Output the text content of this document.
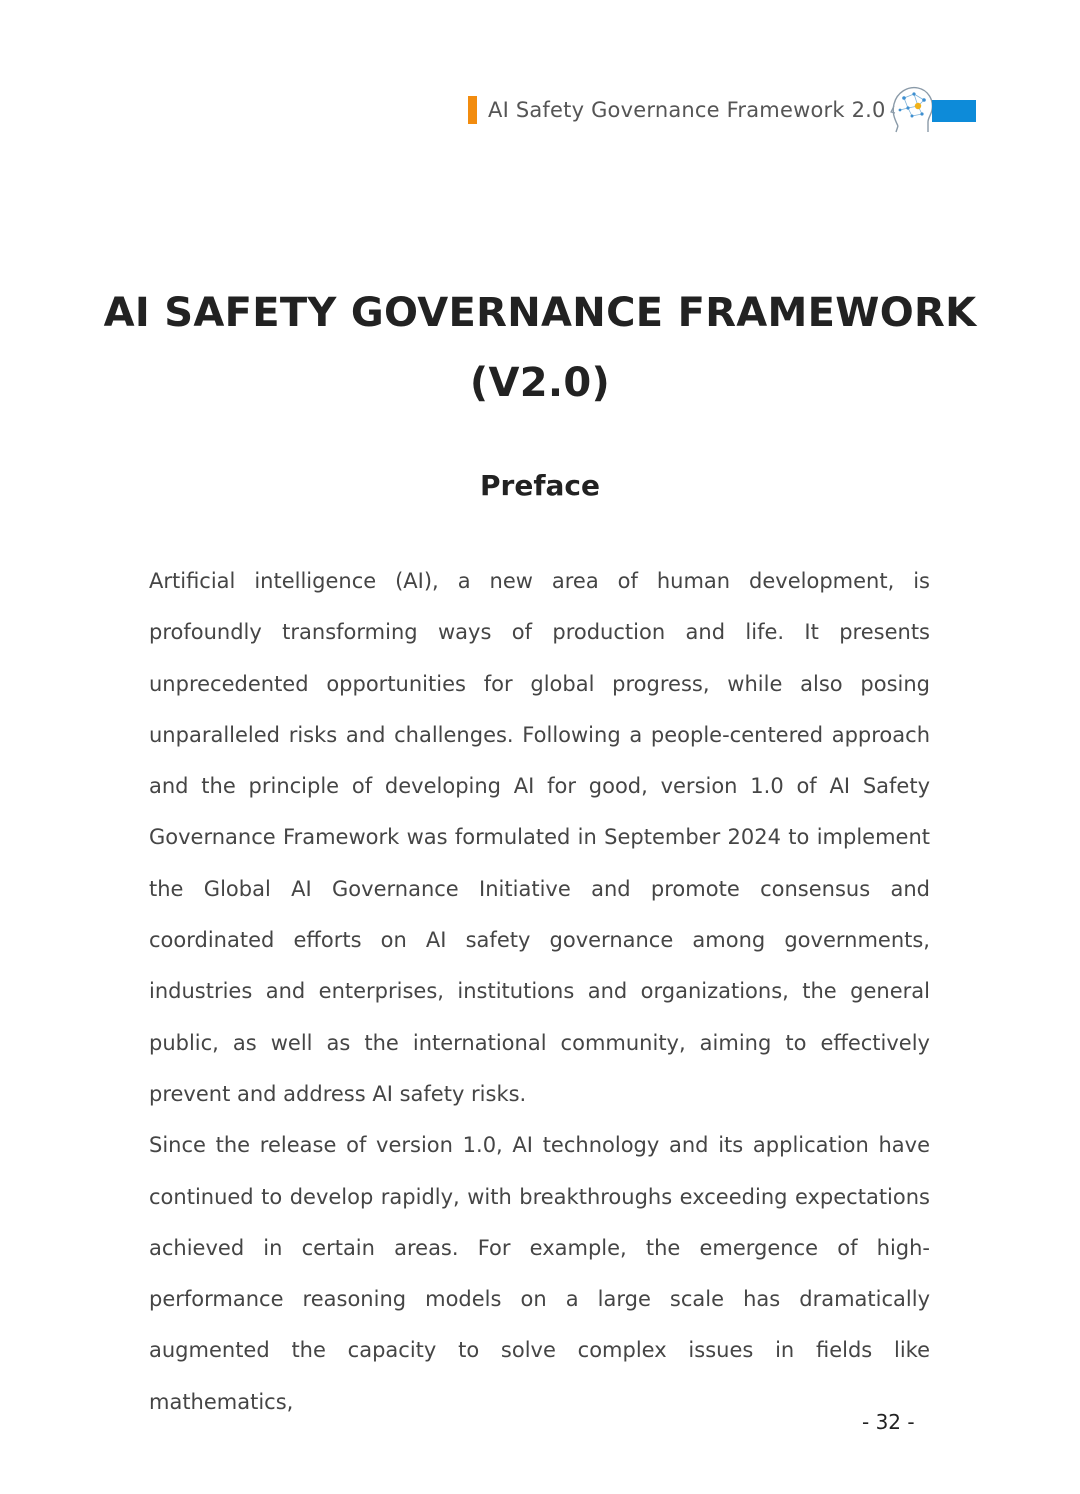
AI Safety Governance Framework 2.0
AI SAFETY GOVERNANCE FRAMEWORK
(V2.0)
Preface

Artificial intelligence (AI), a new area of human development, is profoundly transforming ways of production and life. It presents unprecedented opportunities for global progress, while also posing unparalleled risks and challenges. Following a people-centered approach and the principle of developing AI for good, version 1.0 of AI Safety Governance Framework was formulated in September 2024 to implement the Global AI Governance Initiative and promote consensus and coordinated efforts on AI safety governance among governments, industries and enterprises, institutions and organizations, the general public, as well as the international community, aiming to effectively prevent and address AI safety risks.

Since the release of version 1.0, AI technology and its application have continued to develop rapidly, with breakthroughs exceeding expectations achieved in certain areas. For example, the emergence of high-performance reasoning models on a large scale has dramatically augmented the capacity to solve complex issues in fields like mathematics,

- 32 -
